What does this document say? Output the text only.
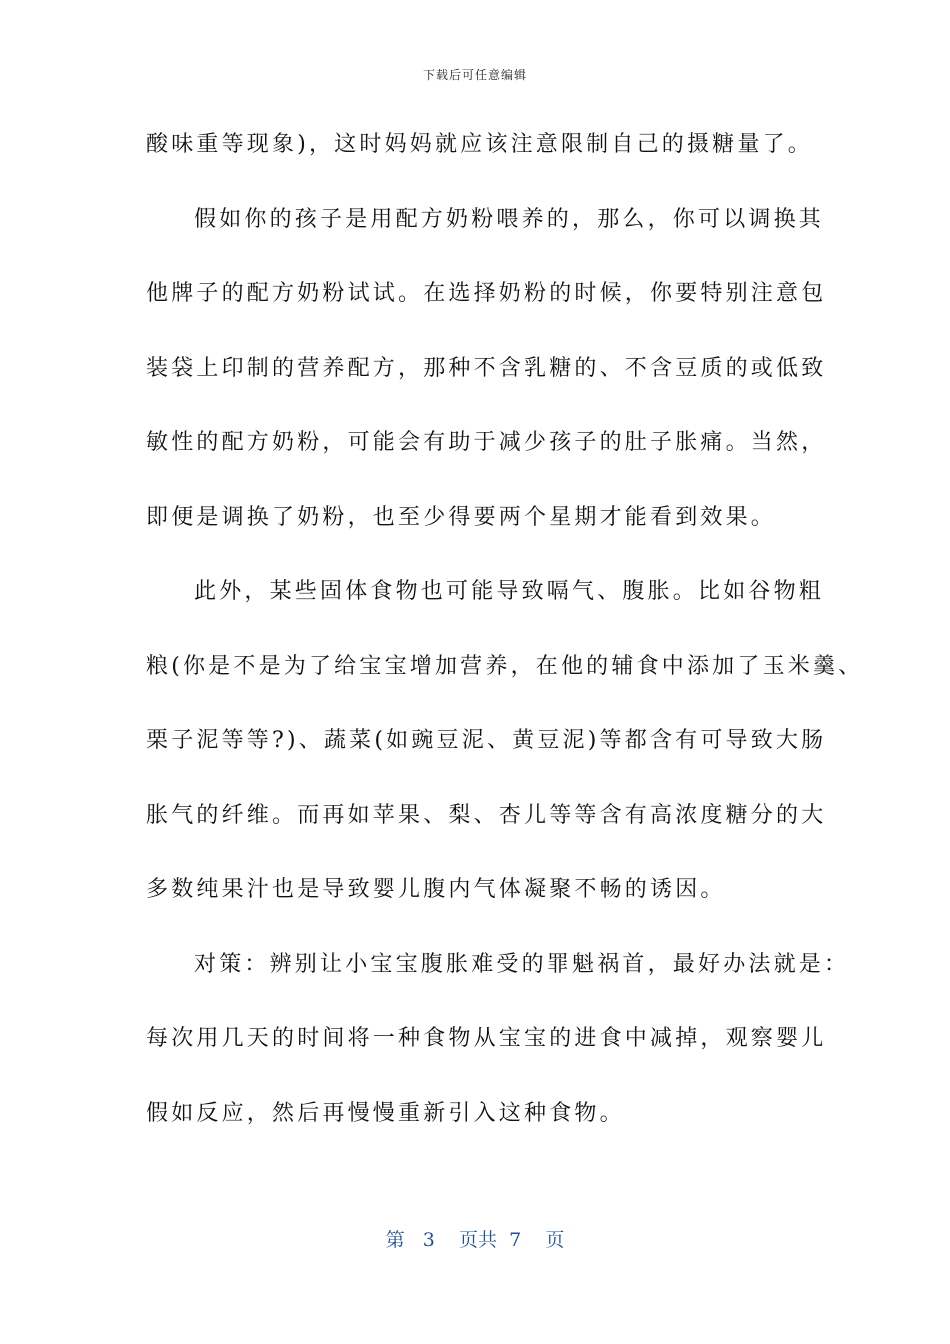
下载后可任意编辑
酸味重等现象)，这时妈妈就应该注意限制自己的摄糖量了。
假如你的孩子是用配方奶粉喂养的，那么，你可以调换其
他牌子的配方奶粉试试。在选择奶粉的时候，你要特别注意包
装袋上印制的营养配方，那种不含乳糖的、不含豆质的或低致
敏性的配方奶粉，可能会有助于减少孩子的肚子胀痛。当然，
即便是调换了奶粉，也至少得要两个星期才能看到效果。
此外，某些固体食物也可能导致嗝气、腹胀。比如谷物粗
粮(你是不是为了给宝宝增加营养，在他的辅食中添加了玉米羹、
栗子泥等等?)、蔬菜(如豌豆泥、黄豆泥)等都含有可导致大肠
胀气的纤维。而再如苹果、梨、杏儿等等含有高浓度糖分的大
多数纯果汁也是导致婴儿腹内气体凝聚不畅的诱因。
对策：辨别让小宝宝腹胀难受的罪魁祸首，最好办法就是：
每次用几天的时间将一种食物从宝宝的进食中减掉，观察婴儿
假如反应，然后再慢慢重新引入这种食物。
第 3 页共 7 页
